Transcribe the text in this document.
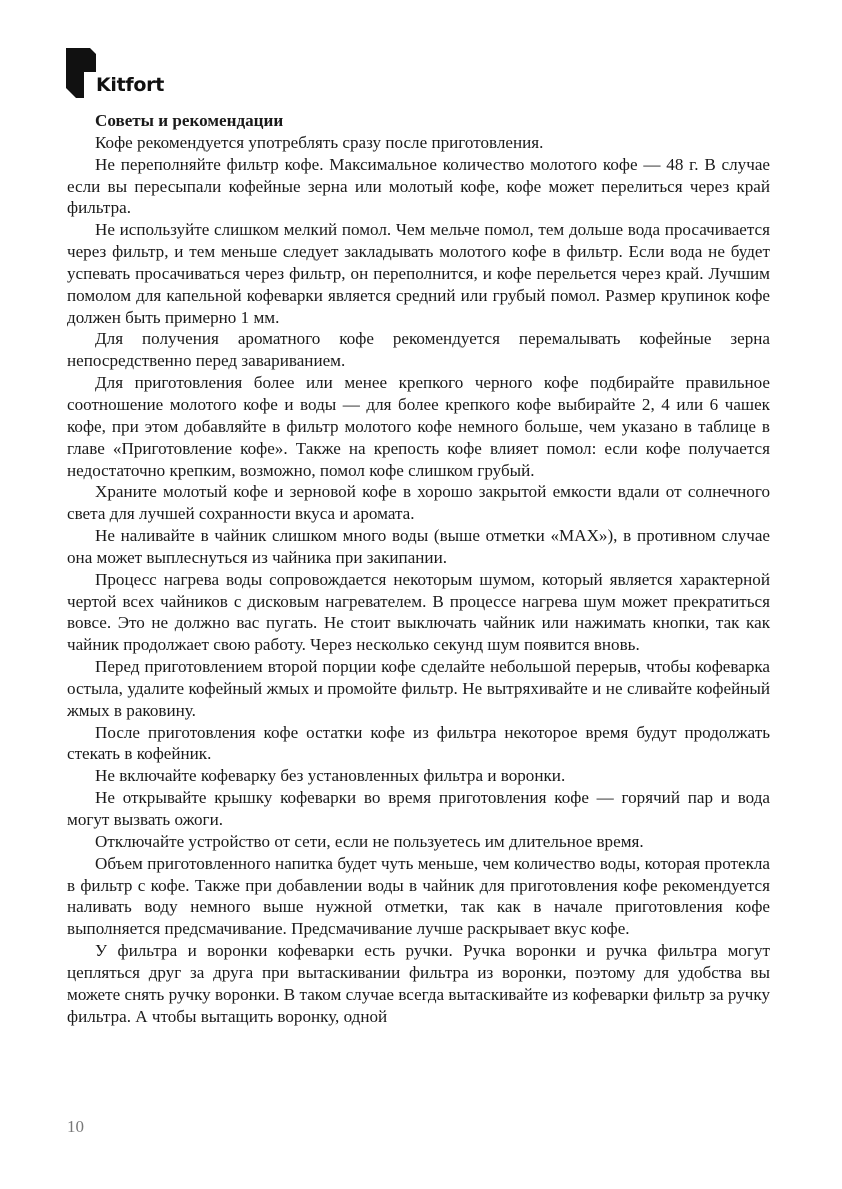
Kitfort

Советы и рекомендации

Кофе рекомендуется употреблять сразу после приготовления.

Не переполняйте фильтр кофе. Максимальное количество молотого кофе — 48 г. В случае если вы пересыпали кофейные зерна или молотый кофе, кофе может перелиться через край фильтра.

Не используйте слишком мелкий помол. Чем мельче помол, тем дольше вода просачивается через фильтр, и тем меньше следует закладывать молотого кофе в фильтр. Если вода не будет успевать просачиваться через фильтр, он переполнится, и кофе перельется через край. Лучшим помолом для капельной кофеварки является средний или грубый помол. Размер крупинок кофе должен быть примерно 1 мм.

Для получения ароматного кофе рекомендуется перемалывать кофейные зерна непосредственно перед завариванием.

Для приготовления более или менее крепкого черного кофе подбирайте правильное соотношение молотого кофе и воды — для более крепкого кофе выбирайте 2, 4 или 6 чашек кофе, при этом добавляйте в фильтр молотого кофе немного больше, чем указано в таблице в главе «Приготовление кофе». Также на крепость кофе влияет помол: если кофе получается недостаточно крепким, возможно, помол кофе слишком грубый.

Храните молотый кофе и зерновой кофе в хорошо закрытой емкости вдали от солнечного света для лучшей сохранности вкуса и аромата.

Не наливайте в чайник слишком много воды (выше отметки «MAX»), в противном случае она может выплеснуться из чайника при закипании.

Процесс нагрева воды сопровождается некоторым шумом, который является характерной чертой всех чайников с дисковым нагревателем. В процессе нагрева шум может прекратиться вовсе. Это не должно вас пугать. Не стоит выключать чайник или нажимать кнопки, так как чайник продолжает свою работу. Через несколько секунд шум появится вновь.

Перед приготовлением второй порции кофе сделайте небольшой перерыв, чтобы кофеварка остыла, удалите кофейный жмых и промойте фильтр. Не вытряхивайте и не сливайте кофейный жмых в раковину.

После приготовления кофе остатки кофе из фильтра некоторое время будут продолжать стекать в кофейник.

Не включайте кофеварку без установленных фильтра и воронки.

Не открывайте крышку кофеварки во время приготовления кофе — горячий пар и вода могут вызвать ожоги.

Отключайте устройство от сети, если не пользуетесь им длительное время.

Объем приготовленного напитка будет чуть меньше, чем количество воды, которая протекла в фильтр с кофе. Также при добавлении воды в чайник для приготовления кофе рекомендуется наливать воду немного выше нужной отметки, так как в начале приготовления кофе выполняется предсмачивание. Предсмачивание лучше раскрывает вкус кофе.

У фильтра и воронки кофеварки есть ручки. Ручка воронки и ручка фильтра могут цепляться друг за друга при вытаскивании фильтра из воронки, поэтому для удобства вы можете снять ручку воронки. В таком случае всегда вытаскивайте из кофеварки фильтр за ручку фильтра. А чтобы вытащить воронку, одной

10
